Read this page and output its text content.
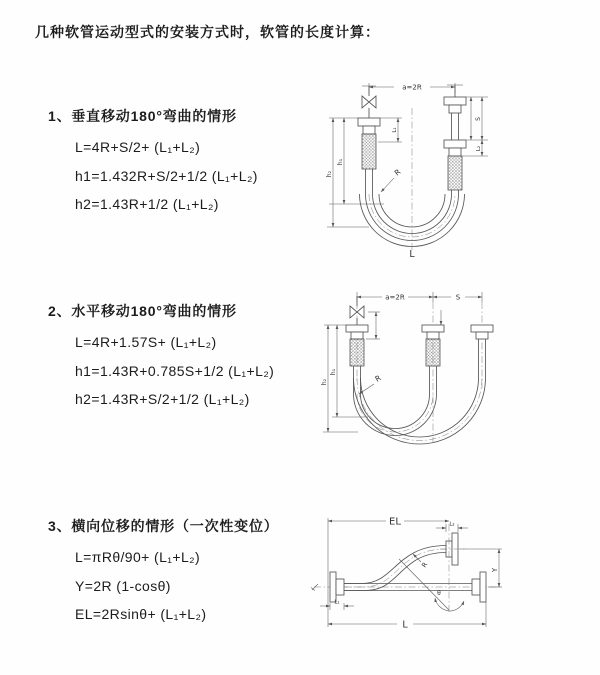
几种软管运动型式的安装方式时，软管的长度计算：
1、垂直移动180°弯曲的情形
L=4R+S/2+ (L₁+L₂)
h1=1.432R+S/2+1/2 (L₁+L₂)
h2=1.43R+1/2 (L₁+L₂)
a=2R
L₁
S
L₂
h₁
h₂	R
L
2、水平移动180°弯曲的情形
L=4R+1.57S+ (L₁+L₂)
h1=1.43R+0.785S+1/2 (L₁+L₂)
h2=1.43R+S/2+1/2 (L₁+L₂)
a=2R	S
h₁
h₂	R
3、横向位移的情形（一次性变位）
L=πRθ/90+ (L₁+L₂)
Y=2R (1-cosθ)
EL=2Rsinθ+ (L₁+L₂)
EL	L₂
Y
R
θ
L₁
L
